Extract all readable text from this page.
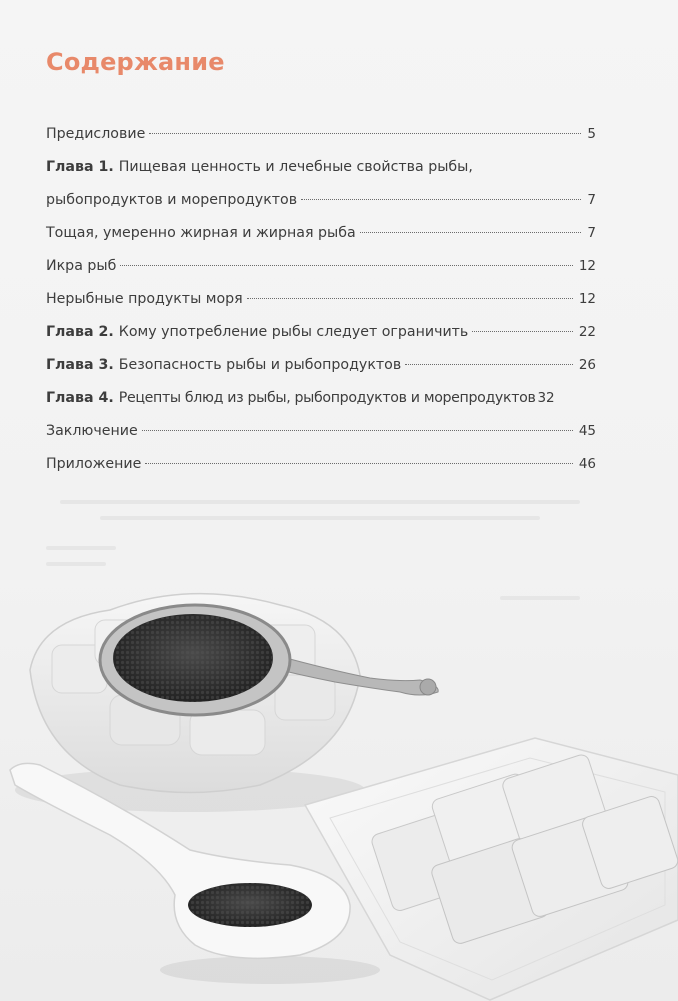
Содержание
Предисловие	5
Глава 1. Пищевая ценность и лечебные свойства рыбы,
рыбопродуктов и морепродуктов	7
Тощая, умеренно жирная и жирная рыба	7
Икра рыб	12
Нерыбные продукты моря	12
Глава 2. Кому употребление рыбы следует ограничить	22
Глава 3. Безопасность рыбы и рыбопродуктов	26
Глава 4. Рецепты блюд из рыбы, рыбопродуктов и морепродуктов 32
Заключение	45
Приложение	46
